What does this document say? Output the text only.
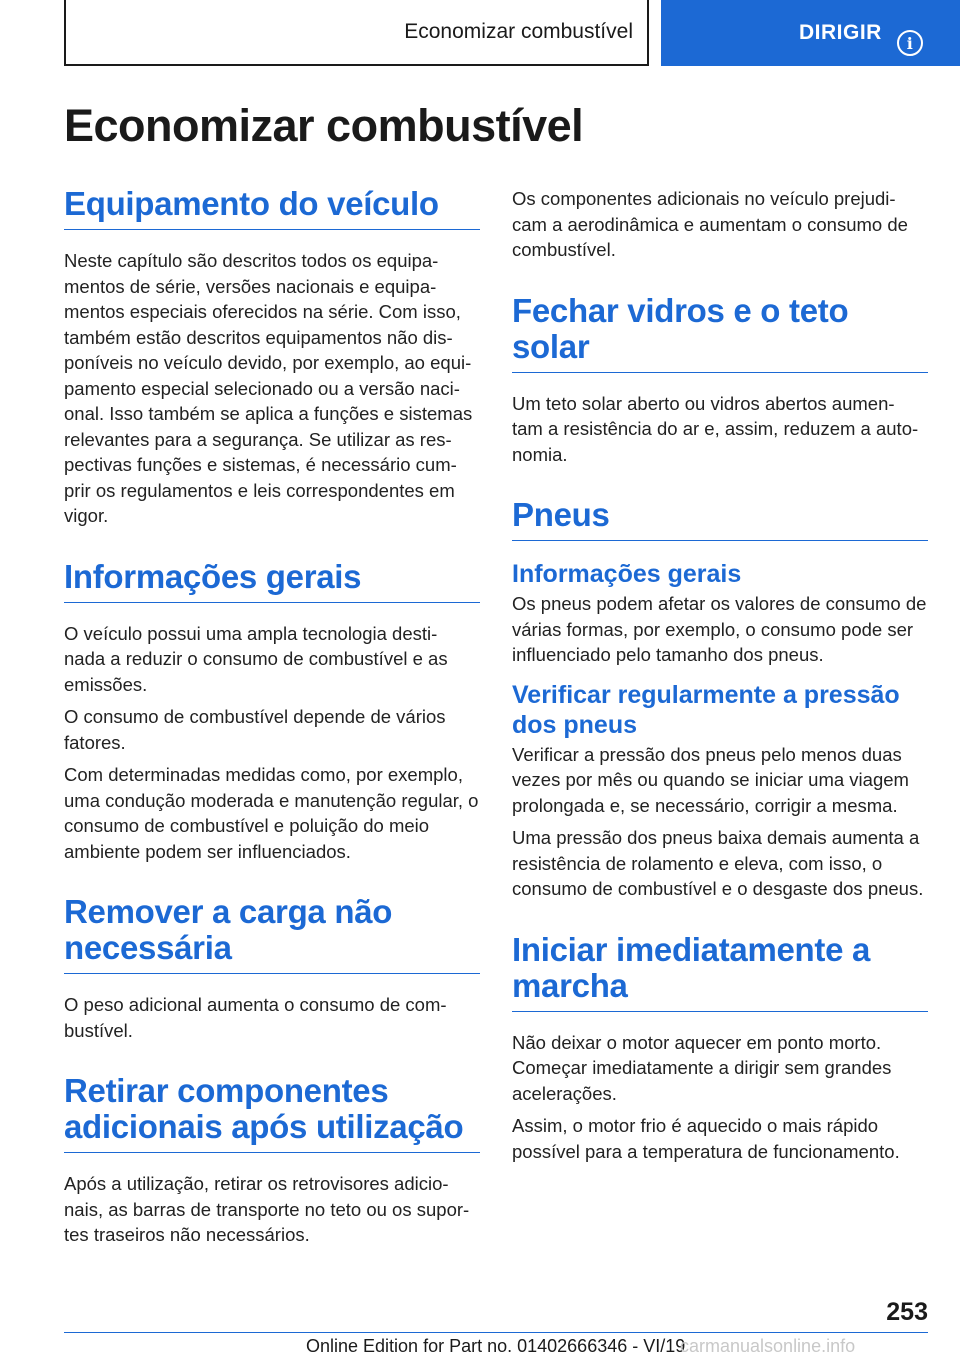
Economizar combustível	DIRIGIR	i
Economizar combustível
Equipamento do veículo

Neste capítulo são descritos todos os equipa‐ mentos de série, versões nacionais e equipa‐ mentos especiais oferecidos na série. Com isso, também estão descritos equipamentos não dis‐ poníveis no veículo devido, por exemplo, ao equi‐ pamento especial selecionado ou a versão naci‐ onal. Isso também se aplica a funções e sistemas relevantes para a segurança. Se utilizar as res‐ pectivas funções e sistemas, é necessário cum‐ prir os regulamentos e leis correspondentes em vigor.

Informações gerais

O veículo possui uma ampla tecnologia desti‐ nada a reduzir o consumo de combustível e as emissões.

O consumo de combustível depende de vários fatores.

Com determinadas medidas como, por exemplo, uma condução moderada e manutenção regular, o consumo de combustível e poluição do meio ambiente podem ser influenciados.

Remover a carga não necessária

O peso adicional aumenta o consumo de com‐ bustível.

Retirar componentes adicionais após utilização

Após a utilização, retirar os retrovisores adicio‐ nais, as barras de transporte no teto ou os supor‐ tes traseiros não necessários.

Os componentes adicionais no veículo prejudi‐ cam a aerodinâmica e aumentam o consumo de combustível.

Fechar vidros e o teto solar

Um teto solar aberto ou vidros abertos aumen‐ tam a resistência do ar e, assim, reduzem a auto‐ nomia.

Pneus
Informações gerais

Os pneus podem afetar os valores de consumo de várias formas, por exemplo, o consumo pode ser influenciado pelo tamanho dos pneus.

Verificar regularmente a pressão dos pneus

Verificar a pressão dos pneus pelo menos duas vezes por mês ou quando se iniciar uma viagem prolongada e, se necessário, corrigir a mesma.

Uma pressão dos pneus baixa demais aumenta a resistência de rolamento e eleva, com isso, o consumo de combustível e o desgaste dos pneus.

Iniciar imediatamente a marcha

Não deixar o motor aquecer em ponto morto. Começar imediatamente a dirigir sem grandes acelerações.

Assim, o motor frio é aquecido o mais rápido possível para a temperatura de funcionamento.

253
Online Edition for Part no. 01402666346 - VI/19
carmanualsonline.info
